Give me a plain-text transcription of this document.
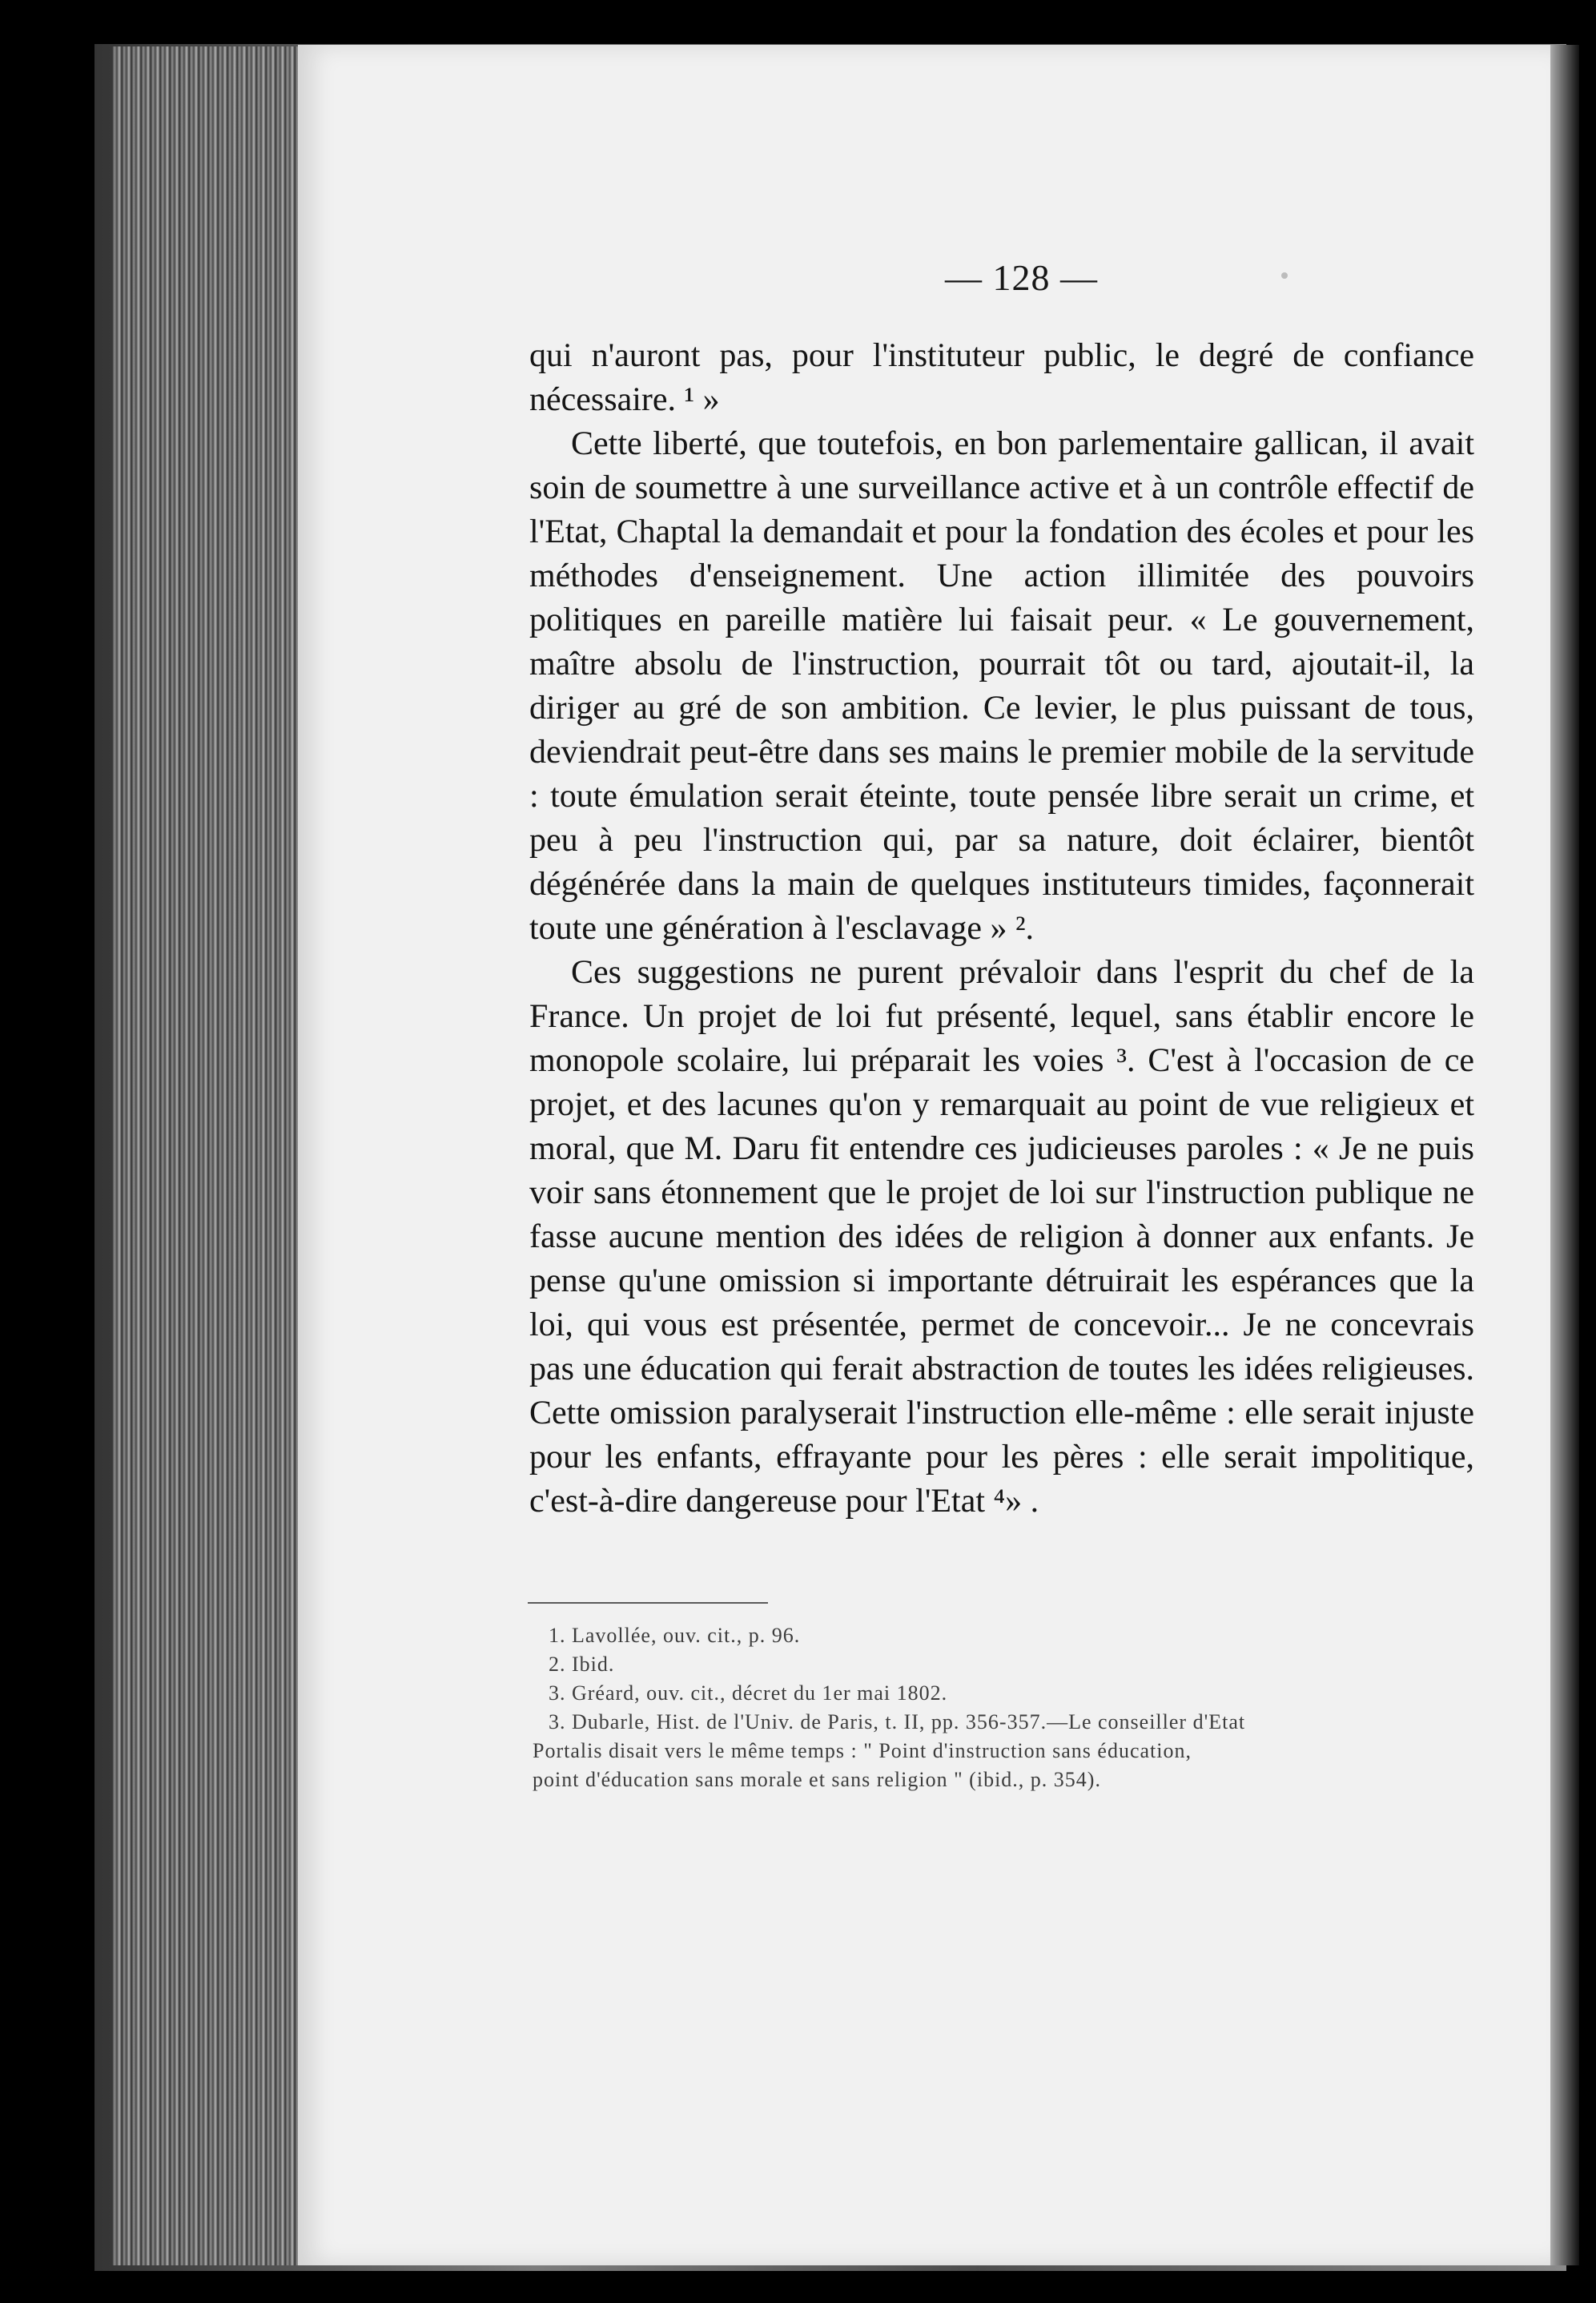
— 128 —

qui n'auront pas, pour l'instituteur public, le degré de confiance nécessaire. ¹ »

Cette liberté, que toutefois, en bon parlementaire gallican, il avait soin de soumettre à une surveillance active et à un contrôle effectif de l'Etat, Chaptal la demandait et pour la fondation des écoles et pour les méthodes d'enseignement. Une action illimitée des pouvoirs politiques en pareille matière lui faisait peur. « Le gouvernement, maître absolu de l'instruction, pourrait tôt ou tard, ajoutait-il, la diriger au gré de son ambition. Ce levier, le plus puissant de tous, deviendrait peut-être dans ses mains le premier mobile de la servitude : toute émulation serait éteinte, toute pensée libre serait un crime, et peu à peu l'instruction qui, par sa nature, doit éclairer, bientôt dégénérée dans la main de quelques instituteurs timides, façonnerait toute une génération à l'esclavage » ².

Ces suggestions ne purent prévaloir dans l'esprit du chef de la France. Un projet de loi fut présenté, lequel, sans établir encore le monopole scolaire, lui préparait les voies ³. C'est à l'occasion de ce projet, et des lacunes qu'on y remarquait au point de vue religieux et moral, que M. Daru fit entendre ces judicieuses paroles : « Je ne puis voir sans étonnement que le projet de loi sur l'instruction publique ne fasse aucune mention des idées de religion à donner aux enfants. Je pense qu'une omission si importante détruirait les espérances que la loi, qui vous est présentée, permet de concevoir... Je ne concevrais pas une éducation qui ferait abstraction de toutes les idées religieuses. Cette omission paralyserait l'instruction elle-même : elle serait injuste pour les enfants, effrayante pour les pères : elle serait impolitique, c'est-à-dire dangereuse pour l'Etat ⁴» .

1. Lavollée, ouv. cit., p. 96.
2. Ibid.
3. Gréard, ouv. cit., décret du 1er mai 1802.
3. Dubarle, Hist. de l'Univ. de Paris, t. II, pp. 356-357.—Le conseiller d'Etat
Portalis disait vers le même temps : " Point d'instruction sans éducation,
point d'éducation sans morale et sans religion " (ibid., p. 354).
